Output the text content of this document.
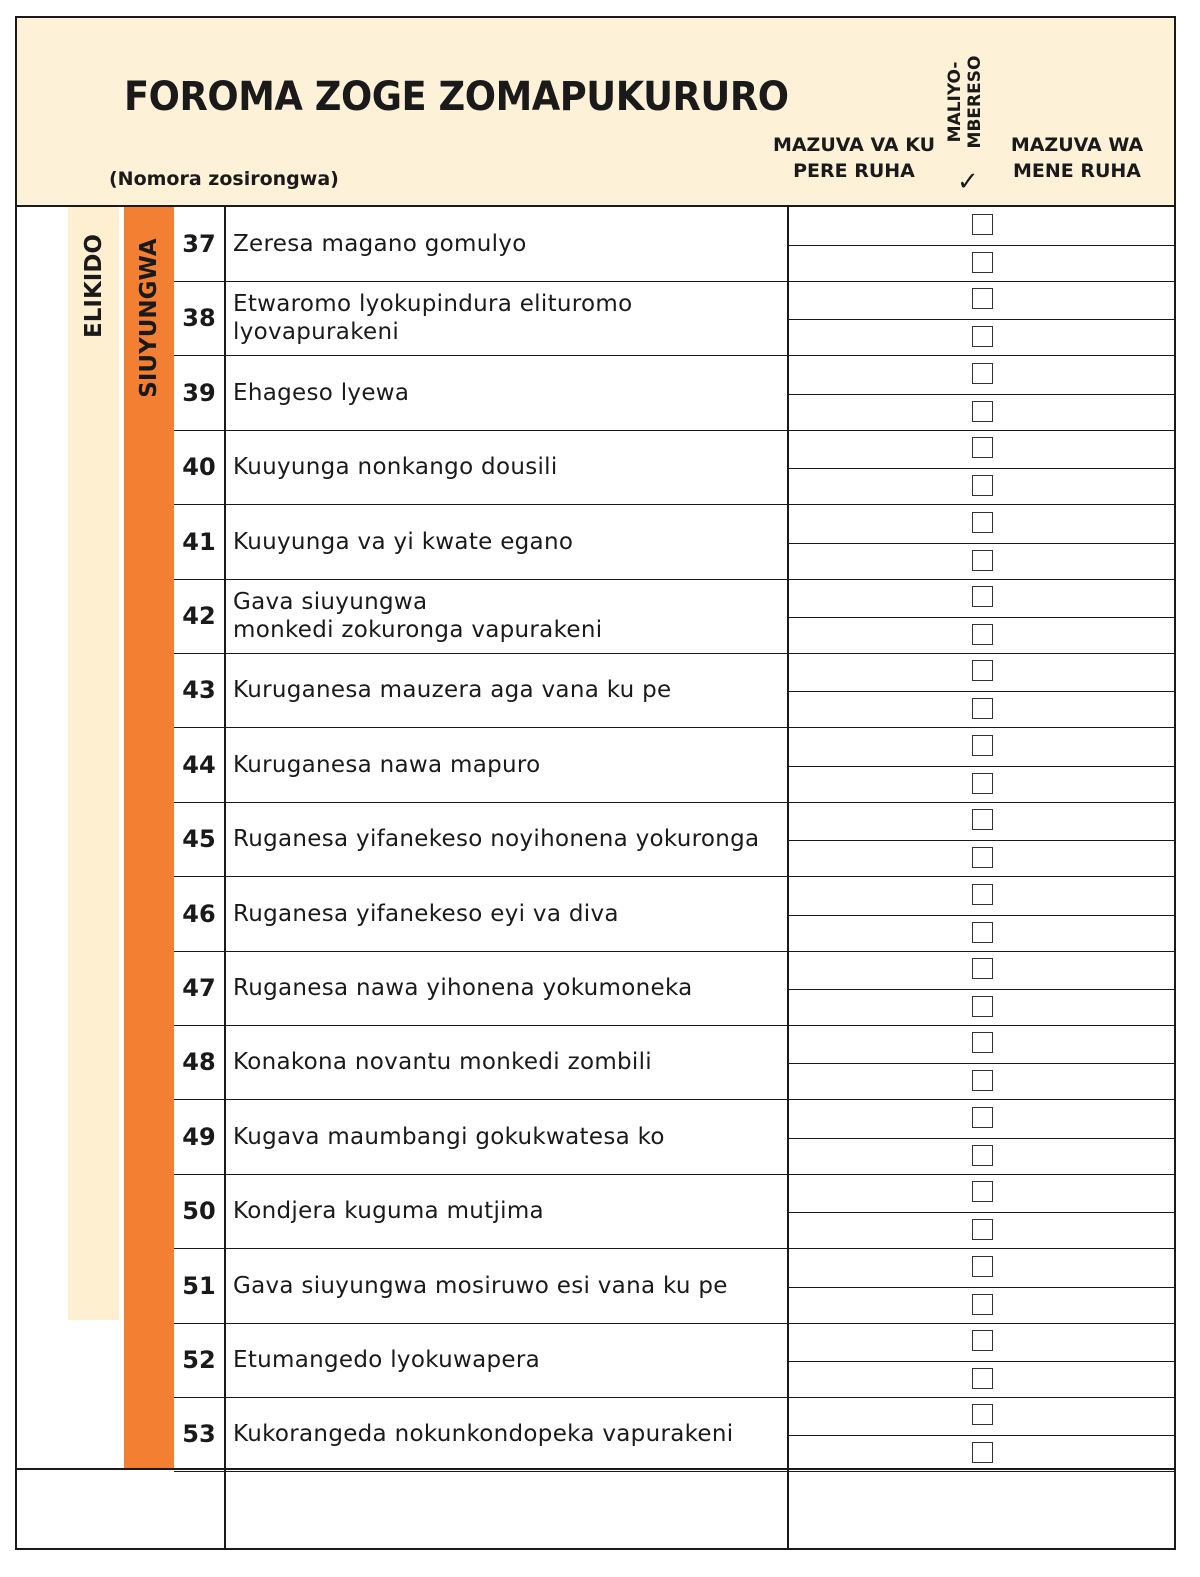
FOROMA ZOGE ZOMAPUKURURO
(Nomora zosirongwa)
MAZUVA VA KU
PERE RUHA
MALIYO-
MBERESO
✓
MAZUVA WA
MENE RUHA
ELIKIDO SIUYUNGWA 37 Zeresa magano gomulyo
38 Etwaromo lyokupindura elituromo
lyovapurakeni
39 Ehageso lyewa
40 Kuuyunga nonkango dousili
41 Kuuyunga va yi kwate egano
42 Gava siuyungwa
monkedi zokuronga vapurakeni
43 Kuruganesa mauzera aga vana ku pe
44 Kuruganesa nawa mapuro
45 Ruganesa yifanekeso noyihonena yokuronga
46 Ruganesa yifanekeso eyi va diva
47 Ruganesa nawa yihonena yokumoneka
48 Konakona novantu monkedi zombili
49 Kugava maumbangi gokukwatesa ko
50 Kondjera kuguma mutjima
51 Gava siuyungwa mosiruwo esi vana ku pe
52 Etumangedo lyokuwapera
53 Kukorangeda nokunkondopeka vapurakeni
